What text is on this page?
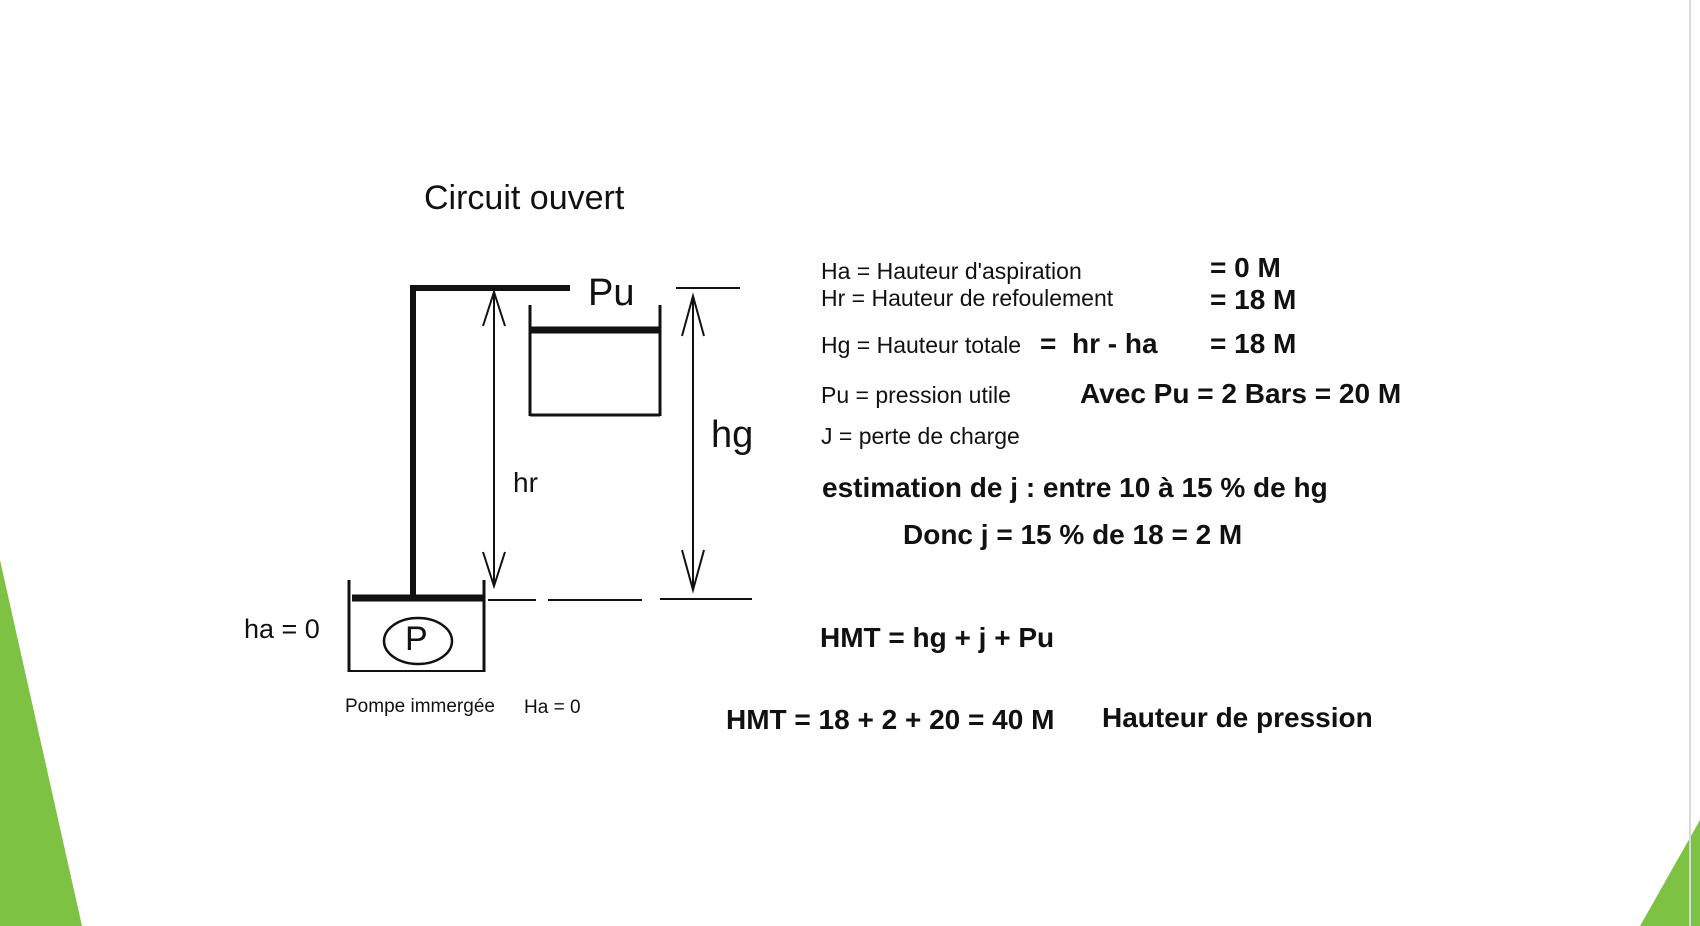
Circuit ouvert
Pu
hg
hr
ha = 0	P
Pompe immergée Ha = 0
Ha = Hauteur d'aspiration	= 0 M
Hr = Hauteur de refoulement	= 18 M
Hg = Hauteur totale = hr - ha = 18 M
Pu = pression utile Avec Pu = 2 Bars = 20 M
J = perte de charge
estimation de j : entre 10 à 15 % de hg
Donc j = 15 % de 18 = 2 M
HMT = hg + j + Pu
HMT = 18 + 2 + 20 = 40 M Hauteur de pression
